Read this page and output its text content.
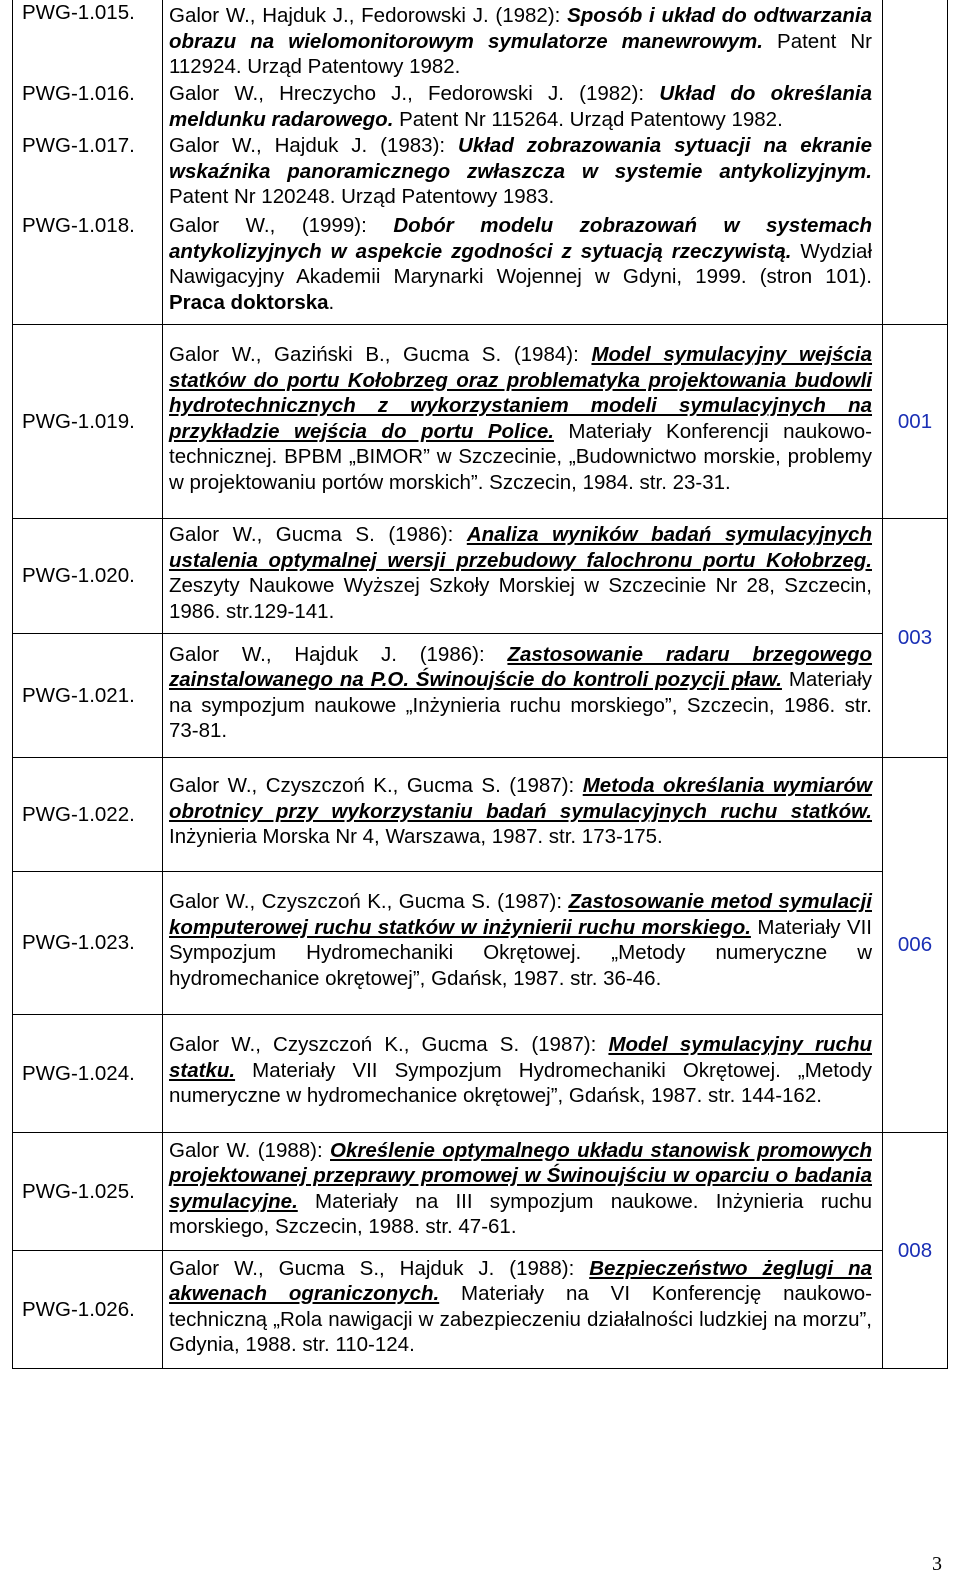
PWG-1.015.	Galor W., Hajduk J., Fedorowski J. (1982): Sposób i układ do odtwarzania obrazu na wielomonitorowym symulatorze manewrowym. Patent Nr 112924. Urząd Patentowy 1982.	
PWG-1.016.	Galor W., Hreczycho J., Fedorowski J. (1982): Układ do określania meldunku radarowego. Patent Nr 115264. Urząd Patentowy 1982.	
PWG-1.017.	Galor W., Hajduk J. (1983): Układ zobrazowania sytuacji na ekranie wskaźnika panoramicznego zwłaszcza w systemie antykolizyjnym. Patent Nr 120248. Urząd Patentowy 1983.	
PWG-1.018.	Galor W., (1999): Dobór modelu zobrazowań w systemach antykolizyjnych w aspekcie zgodności z sytuacją rzeczywistą. Wydział Nawigacyjny Akademii Marynarki Wojennej w Gdyni, 1999. (stron 101). Praca doktorska.	
PWG-1.019.	Galor W., Gaziński B., Gucma S. (1984): Model symulacyjny wejścia statków do portu Kołobrzeg oraz problematyka projektowania budowli hydrotechnicznych z wykorzystaniem modeli symulacyjnych na przykładzie wejścia do portu Police. Materiały Konferencji naukowo-technicznej. BPBM „BIMOR” w Szczecinie, „Budownictwo morskie, problemy w projektowaniu portów morskich”. Szczecin, 1984. str. 23-31.	001
PWG-1.020.	Galor W., Gucma S. (1986): Analiza wyników badań symulacyjnych ustalenia optymalnej wersji przebudowy falochronu portu Kołobrzeg. Zeszyty Naukowe Wyższej Szkoły Morskiej w Szczecinie Nr 28, Szczecin, 1986. str.129-141.	003
PWG-1.021.	Galor W., Hajduk J. (1986): Zastosowanie radaru brzegowego zainstalowanego na P.O. Świnoujście do kontroli pozycji pław. Materiały na sympozjum naukowe „Inżynieria ruchu morskiego”, Szczecin, 1986. str. 73-81.	
PWG-1.022.	Galor W., Czyszczoń K., Gucma S. (1987): Metoda określania wymiarów obrotnicy przy wykorzystaniu badań symulacyjnych ruchu statków. Inżynieria Morska Nr 4, Warszawa, 1987. str. 173-175.	006
PWG-1.023.	Galor W., Czyszczoń K., Gucma S. (1987): Zastosowanie metod symulacji komputerowej ruchu statków w inżynierii ruchu morskiego. Materiały VII Sympozjum Hydromechaniki Okrętowej. „Metody numeryczne w hydromechanice okrętowej”, Gdańsk, 1987. str. 36-46.	
PWG-1.024.	Galor W., Czyszczoń K., Gucma S. (1987): Model symulacyjny ruchu statku. Materiały VII Sympozjum Hydromechaniki Okrętowej. „Metody numeryczne w hydromechanice okrętowej”, Gdańsk, 1987. str. 144-162.	
PWG-1.025.	Galor W. (1988): Określenie optymalnego układu stanowisk promowych projektowanej przeprawy promowej w Świnoujściu w oparciu o badania symulacyjne. Materiały na III sympozjum naukowe. Inżynieria ruchu morskiego, Szczecin, 1988. str. 47-61.	008
PWG-1.026.	Galor W., Gucma S., Hajduk J. (1988): Bezpieczeństwo żeglugi na akwenach ograniczonych. Materiały na VI Konferencję naukowo-techniczną „Rola nawigacji w zabezpieczeniu działalności ludzkiej na morzu”, Gdynia, 1988. str. 110-124.	
3
